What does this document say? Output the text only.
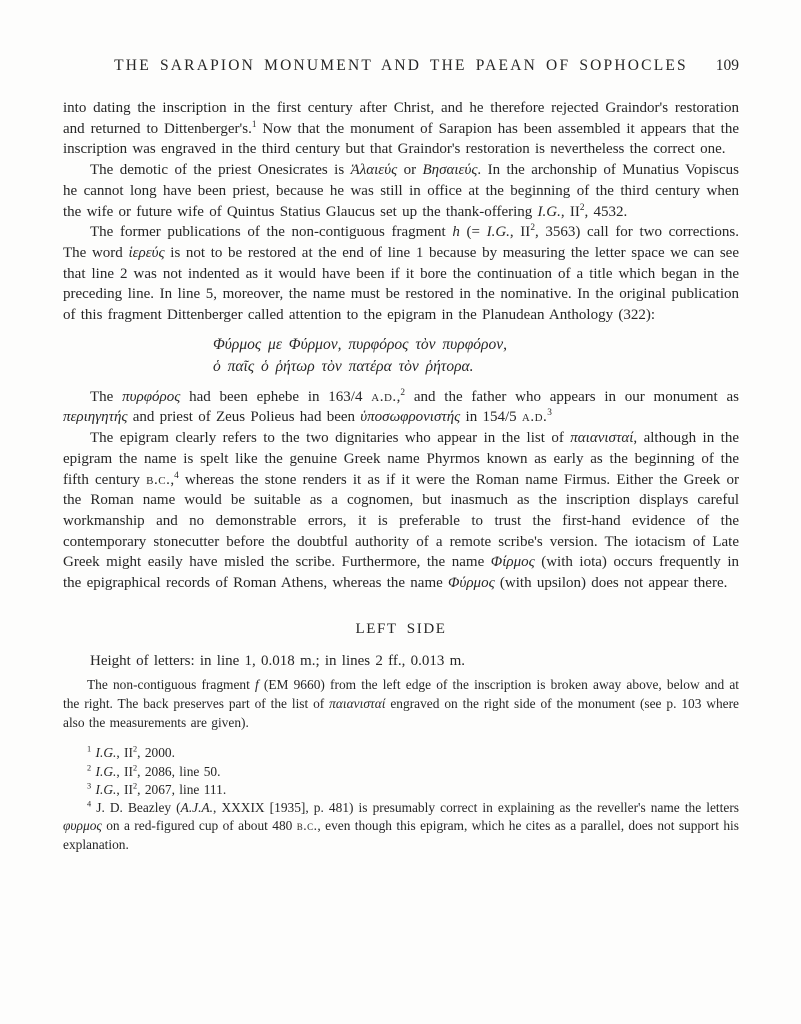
THE SARAPION MONUMENT AND THE PAEAN OF SOPHOCLES	109

into dating the inscription in the first century after Christ, and he therefore rejected Graindor's restoration and returned to Dittenberger's.$^1$ Now that the monument of Sarapion has been assembled it appears that the inscription was engraved in the third century but that Graindor's restoration is nevertheless the correct one.

The demotic of the priest Onesicrates is Ἁλαιεύς or Βησαιεύς. In the archonship of Munatius Vopiscus he cannot long have been priest, because he was still in office at the beginning of the third century when the wife or future wife of Quintus Statius Glaucus set up the thank-offering I.G., $II^2$, 4532.

The former publications of the non-contiguous fragment h (= I.G., $II^2$, 3563) call for two corrections. The word ἱερεύς is not to be restored at the end of line 1 because by measuring the letter space we can see that line 2 was not indented as it would have been if it bore the continuation of a title which began in the preceding line. In line 5, moreover, the name must be restored in the nominative. In the original publication of this fragment Dittenberger called attention to the epigram in the Planudean Anthology (322):

Φύρμος με Φύρμον, πυρφόρος τὸν πυρφόρον,
ὁ παῖς ὁ ῥήτωρ τὸν πατέρα τὸν ῥήτορα.

The πυρφόρος had been ephebe in 163/4 a.d.,$^2$ and the father who appears in our monument as περιηγητής and priest of Zeus Polieus had been ὑποσωφρονιστής in 154/5 a.d.$^3$

The epigram clearly refers to the two dignitaries who appear in the list of παιανισταί, although in the epigram the name is spelt like the genuine Greek name Phyrmos known as early as the beginning of the fifth century b.c.,$^4$ whereas the stone renders it as if it were the Roman name Firmus. Either the Greek or the Roman name would be suitable as a cognomen, but inasmuch as the inscription displays careful workmanship and no demonstrable errors, it is preferable to trust the first-hand evidence of the contemporary stonecutter before the doubtful authority of a remote scribe's version. The iotacism of Late Greek might easily have misled the scribe. Furthermore, the name Φίρμος (with iota) occurs frequently in the epigraphical records of Roman Athens, whereas the name Φύρμος (with upsilon) does not appear there.

LEFT SIDE

Height of letters: in line 1, 0.018 m.; in lines 2 ff., 0.013 m.

The non-contiguous fragment f (EM 9660) from the left edge of the inscription is broken away above, below and at the right. The back preserves part of the list of παιανισταί engraved on the right side of the monument (see p. 103 where also the measurements are given).

$^1$ I.G., $II^2$, 2000.

$^2$ I.G., $II^2$, 2086, line 50.

$^3$ I.G., $II^2$, 2067, line 111.

$^4$ J. D. Beazley (A.J.A., XXXIX [1935], p. 481) is presumably correct in explaining as the reveller's name the letters φυρμος on a red-figured cup of about 480 b.c., even though this epigram, which he cites as a parallel, does not support his explanation.
